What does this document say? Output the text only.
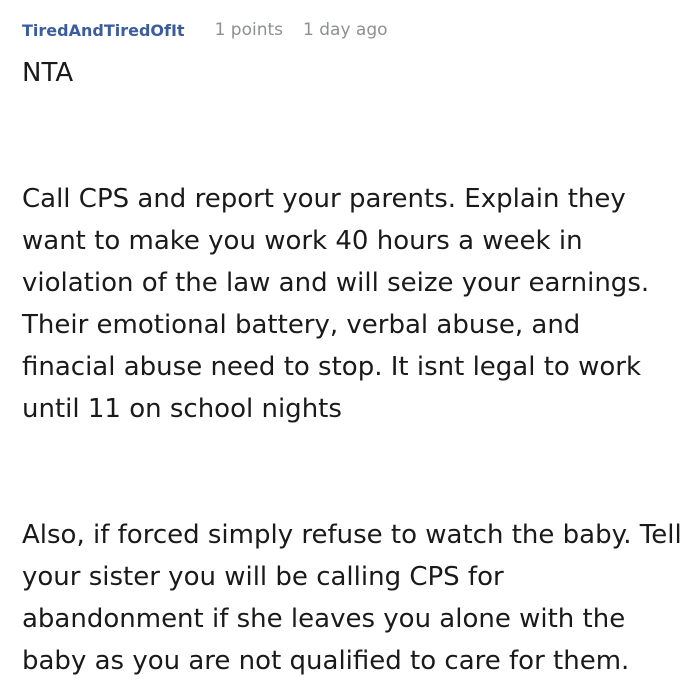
TiredAndTiredOfIt 1 points 1 day ago

NTA

Call CPS and report your parents. Explain they want to make you work 40 hours a week in violation of the law and will seize your earnings. Their emotional battery, verbal abuse, and finacial abuse need to stop. It isnt legal to work until 11 on school nights

Also, if forced simply refuse to watch the baby. Tell your sister you will be calling CPS for abandonment if she leaves you alone with the baby as you are not qualified to care for them.
